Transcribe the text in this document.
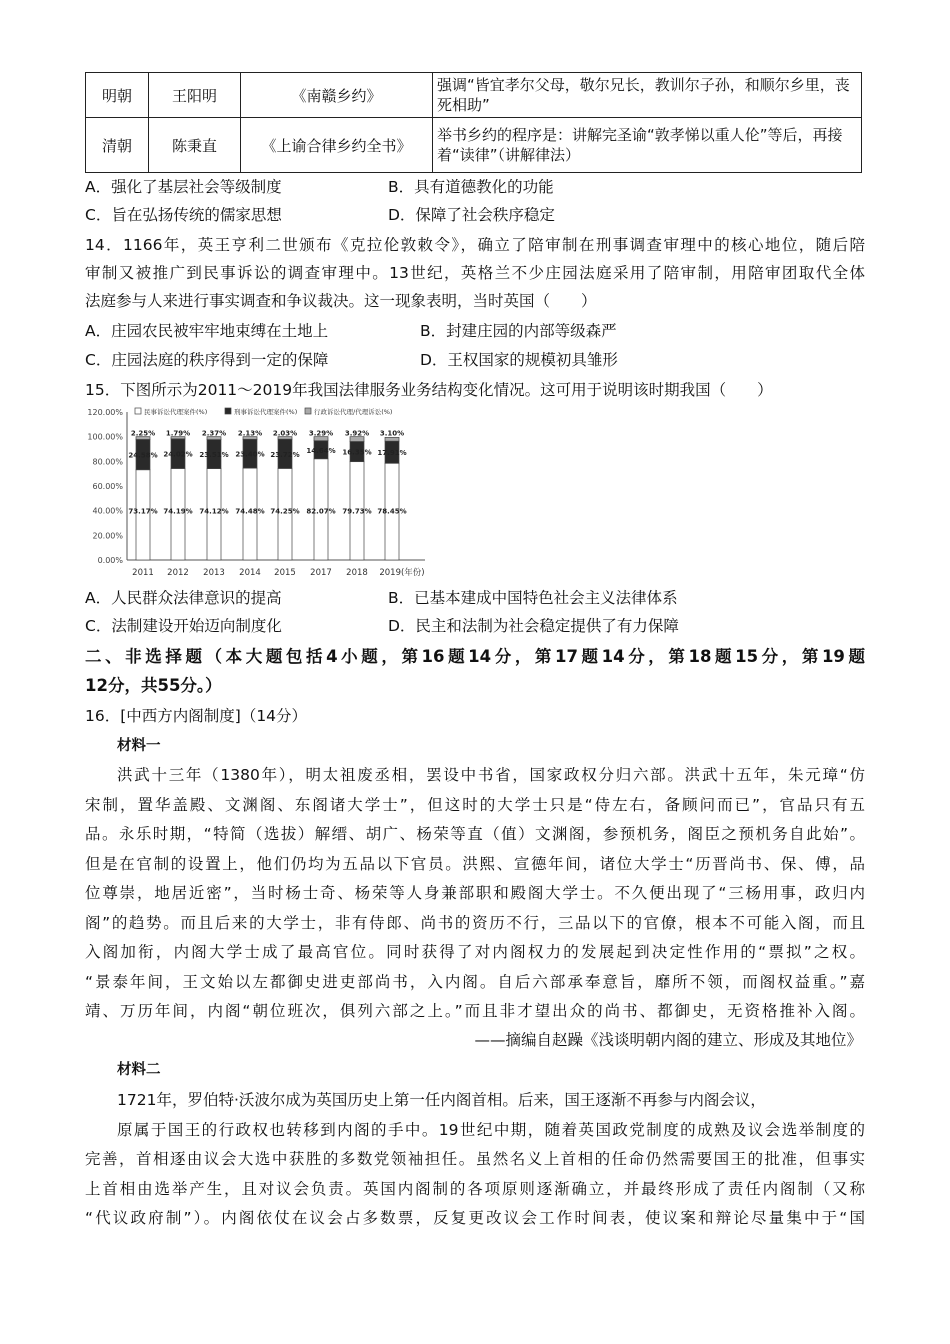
明朝	王阳明	《南赣乡约》	强调“皆宜孝尔父母，敬尔兄长，教训尔子孙，和顺尔乡里，丧死相助”
清朝	陈秉直	《上谕合律乡约全书》	举书乡约的程序是：讲解完圣谕“敦孝悌以重人伦”等后，再接着“读律”（讲解律法）
A．强化了基层社会等级制度	B．具有道德教化的功能
C．旨在弘扬传统的儒家思想	D．保障了社会秩序稳定
14．1166年，英王亨利二世颁布《克拉伦敦敕令》，确立了陪审制在刑事调查审理中的核心地位，随后陪
审制又被推广到民事诉讼的调查审理中。13世纪，英格兰不少庄园法庭采用了陪审制，用陪审团取代全体
法庭参与人来进行事实调查和争议裁决。这一现象表明，当时英国（　　）
A．庄园农民被牢牢地束缚在土地上	B．封建庄园的内部等级森严
C．庄园法庭的秩序得到一定的保障	D．王权国家的规模初具雏形
15．下图所示为2011～2019年我国法律服务业务结构变化情况。这可用于说明该时期我国（　　）
0.00%
20.00%
40.00%
60.00%
80.00%
100.00%
120.00%
2011
73.17%
24.58%
2.25%
2012
74.19%
24.02%
1.79%
2013
74.12%
23.51%
2.37%
2014
74.48%
23.40%
2.13%
2015
74.25%
23.72%
2.03%
2017
82.07%
14.64%
3.29%
2018
79.73%
16.35%
3.92%
2019(年份)
78.45%
17.91%
3.10%
民事诉讼代理案件(%)	刑事诉讼代理案件(%)	行政诉讼代理/代理诉讼(%)
A．人民群众法律意识的提高	B．已基本建成中国特色社会主义法律体系
C．法制建设开始迈向制度化	D．民主和法制为社会稳定提供了有力保障
二、非选择题（本大题包括4小题，第16题14分，第17题14分，第18题15分，第19题
12分，共55分。）
16．[中西方内阁制度]（14分）
材料一
洪武十三年（1380年），明太祖废丞相，罢设中书省，国家政权分归六部。洪武十五年，朱元璋“仿
宋制，置华盖殿、文渊阁、东阁诸大学士”，但这时的大学士只是“侍左右，备顾问而已”，官品只有五
品。永乐时期，“特简（选拔）解缙、胡广、杨荣等直（值）文渊阁，参预机务，阁臣之预机务自此始”。
但是在官制的设置上，他们仍均为五品以下官员。洪熙、宣德年间，诸位大学士“历晋尚书、保、傅，品
位尊崇，地居近密”，当时杨士奇、杨荣等人身兼部职和殿阁大学士。不久便出现了“三杨用事，政归内
阁”的趋势。而且后来的大学士，非有侍郎、尚书的资历不行，三品以下的官僚，根本不可能入阁，而且
入阁加衔，内阁大学士成了最高官位。同时获得了对内阁权力的发展起到决定性作用的“票拟”之权。
“景泰年间，王文始以左都御史进吏部尚书，入内阁。自后六部承奉意旨，靡所不领，而阁权益重。”嘉
靖、万历年间，内阁“朝位班次，俱列六部之上。”而且非才望出众的尚书、都御史，无资格推补入阁。
——摘编自赵躁《浅谈明朝内阁的建立、形成及其地位》
材料二
1721年，罗伯特·沃波尔成为英国历史上第一任内阁首相。后来，国王逐渐不再参与内阁会议，
原属于国王的行政权也转移到内阁的手中。19世纪中期，随着英国政党制度的成熟及议会选举制度的
完善，首相逐由议会大选中获胜的多数党领袖担任。虽然名义上首相的任命仍然需要国王的批准，但事实
上首相由选举产生，且对议会负责。英国内阁制的各项原则逐渐确立，并最终形成了责任内阁制（又称
“代议政府制”）。内阁依仗在议会占多数票，反复更改议会工作时间表，使议案和辩论尽量集中于“国
